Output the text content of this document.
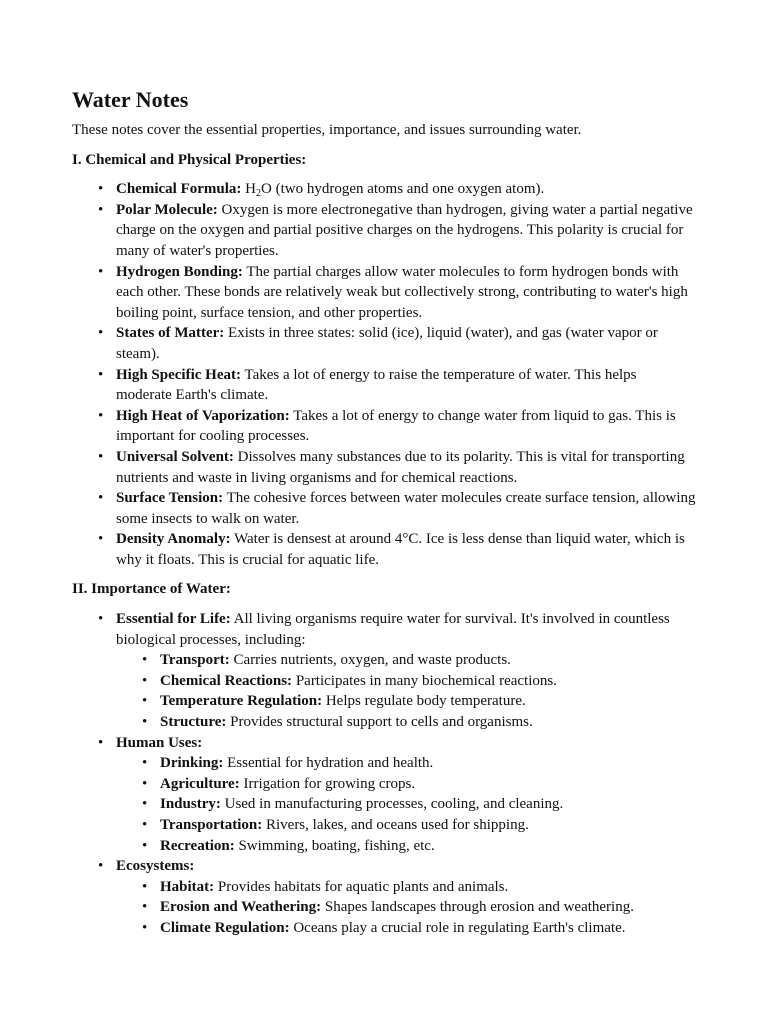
Water Notes

These notes cover the essential properties, importance, and issues surrounding water.

I. Chemical and Physical Properties:
• Chemical Formula: $H_2O$ (two hydrogen atoms and one oxygen atom).
• Polar Molecule: Oxygen is more electronegative than hydrogen, giving water a partial negative charge on the oxygen and partial positive charges on the hydrogens. This polarity is crucial for many of water's properties.
• Hydrogen Bonding: The partial charges allow water molecules to form hydrogen bonds with each other. These bonds are relatively weak but collectively strong, contributing to water's high boiling point, surface tension, and other properties.
• States of Matter: Exists in three states: solid (ice), liquid (water), and gas (water vapor or steam).
• High Specific Heat: Takes a lot of energy to raise the temperature of water. This helps moderate Earth's climate.
• High Heat of Vaporization: Takes a lot of energy to change water from liquid to gas. This is important for cooling processes.
• Universal Solvent: Dissolves many substances due to its polarity. This is vital for transporting nutrients and waste in living organisms and for chemical reactions.
• Surface Tension: The cohesive forces between water molecules create surface tension, allowing some insects to walk on water.
• Density Anomaly: Water is densest at around 4°C. Ice is less dense than liquid water, which is why it floats. This is crucial for aquatic life.
II. Importance of Water:
• Essential for Life: All living organisms require water for survival. It's involved in countless biological processes, including:
• Transport: Carries nutrients, oxygen, and waste products.
• Chemical Reactions: Participates in many biochemical reactions.
• Temperature Regulation: Helps regulate body temperature.
• Structure: Provides structural support to cells and organisms.
• Human Uses:
• Drinking: Essential for hydration and health.
• Agriculture: Irrigation for growing crops.
• Industry: Used in manufacturing processes, cooling, and cleaning.
• Transportation: Rivers, lakes, and oceans used for shipping.
• Recreation: Swimming, boating, fishing, etc.
• Ecosystems:
• Habitat: Provides habitats for aquatic plants and animals.
• Erosion and Weathering: Shapes landscapes through erosion and weathering.
• Climate Regulation: Oceans play a crucial role in regulating Earth's climate.
